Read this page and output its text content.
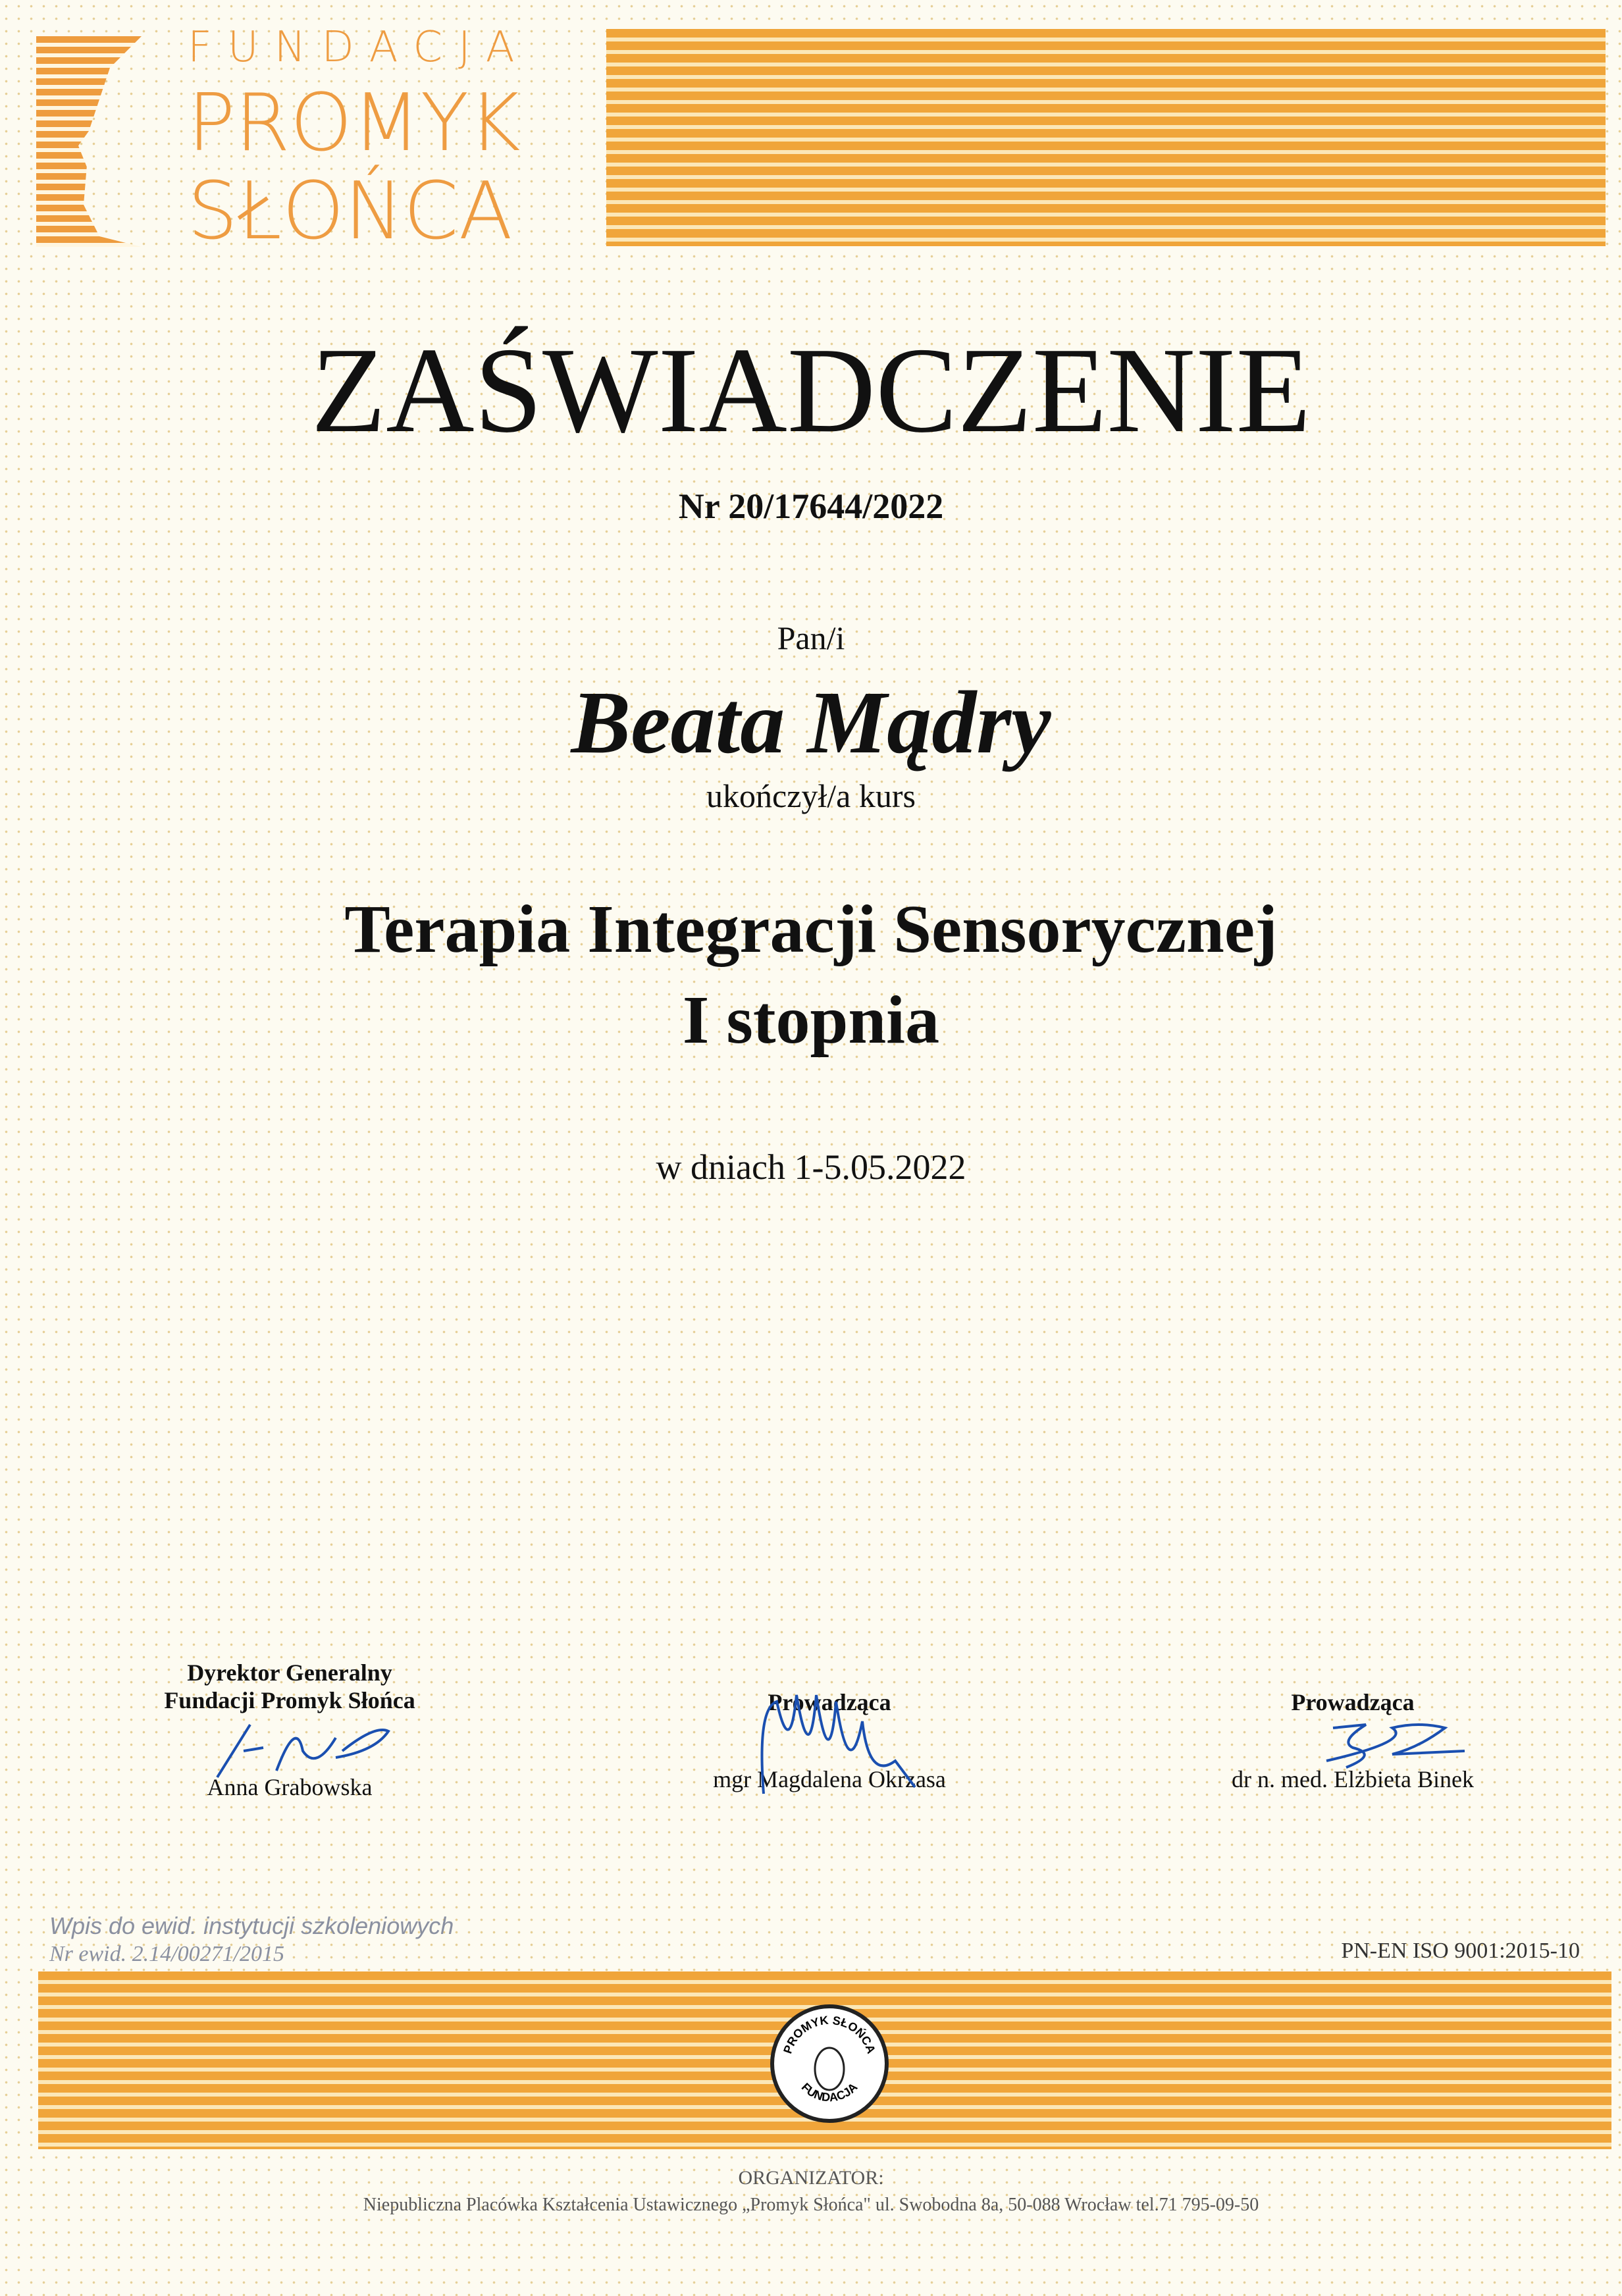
FUNDACJA
PROMYK
SŁOŃCA
ZAŚWIADCZENIE
Nr 20/17644/2022
Pan/i
Beata Mądry
ukończył/a kurs
Terapia Integracji Sensorycznej
I stopnia
w dniach 1-5.05.2022
Dyrektor Generalny
Fundacji Promyk Słońca
Anna Grabowska
Prowadząca
mgr Magdalena Okrzasa
Prowadząca
dr n. med. Elżbieta Binek
Wpis do ewid. instytucji szkoleniowych
Nr ewid. 2.14/00271/2015	PN-EN ISO 9001:2015-10
PROMYK SŁOŃCA
FUNDACJA
ORGANIZATOR:
Niepubliczna Placówka Kształcenia Ustawicznego „Promyk Słońca" ul. Swobodna 8a, 50-088 Wrocław tel.71 795-09-50
